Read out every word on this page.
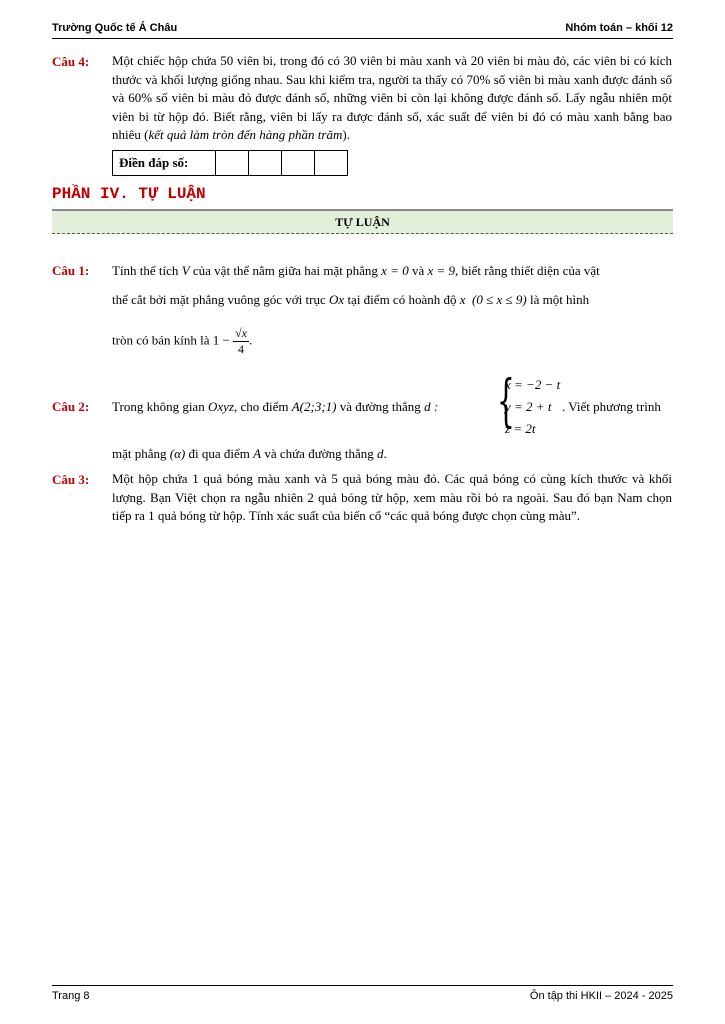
Trường Quốc tế Á Châu	Nhóm toán – khối 12
Câu 4: Một chiếc hộp chứa 50 viên bi, trong đó có 30 viên bi màu xanh và 20 viên bi màu đỏ, các viên bi có kích thước và khối lượng giống nhau. Sau khi kiểm tra, người ta thấy có 70% số viên bi màu xanh được đánh số và 60% số viên bi màu đỏ được đánh số, những viên bi còn lại không được đánh số. Lấy ngẫu nhiên một viên bi từ hộp đó. Biết rằng, viên bi lấy ra được đánh số, xác suất để viên bi đó có màu xanh bằng bao nhiêu (kết quả làm tròn đến hàng phần trăm).
Điền đáp số:
PHẦN IV. TỰ LUẬN
TỰ LUẬN
Câu 1: Tính thể tích V của vật thể nằm giữa hai mặt phẳng x = 0 và x = 9, biết rằng thiết diện của vật
thể cắt bởi mặt phẳng vuông góc với trục Ox tại điểm có hoành độ x (0 ≤ x ≤ 9) là một hình
tròn có bán kính là $1 - \frac{√x}{4}$ .
Câu 2: Trong không gian Oxyz, cho điểm A(2;3;1) và đường thẳng d : {
x = −2 − t
y = 2 + t
z = 2t
. Viết phương trình
mặt phẳng (α) đi qua điểm A và chứa đường thẳng d.
Câu 3: Một hộp chứa 1 quả bóng màu xanh và 5 quả bóng màu đỏ. Các quả bóng có cùng kích thước và khối lượng. Bạn Việt chọn ra ngẫu nhiên 2 quả bóng từ hộp, xem màu rồi bỏ ra ngoài. Sau đó bạn Nam chọn tiếp ra 1 quả bóng từ hộp. Tính xác suất của biến cố “các quả bóng được chọn cùng màu”.
Trang 8	Ôn tập thi HKII – 2024 - 2025
